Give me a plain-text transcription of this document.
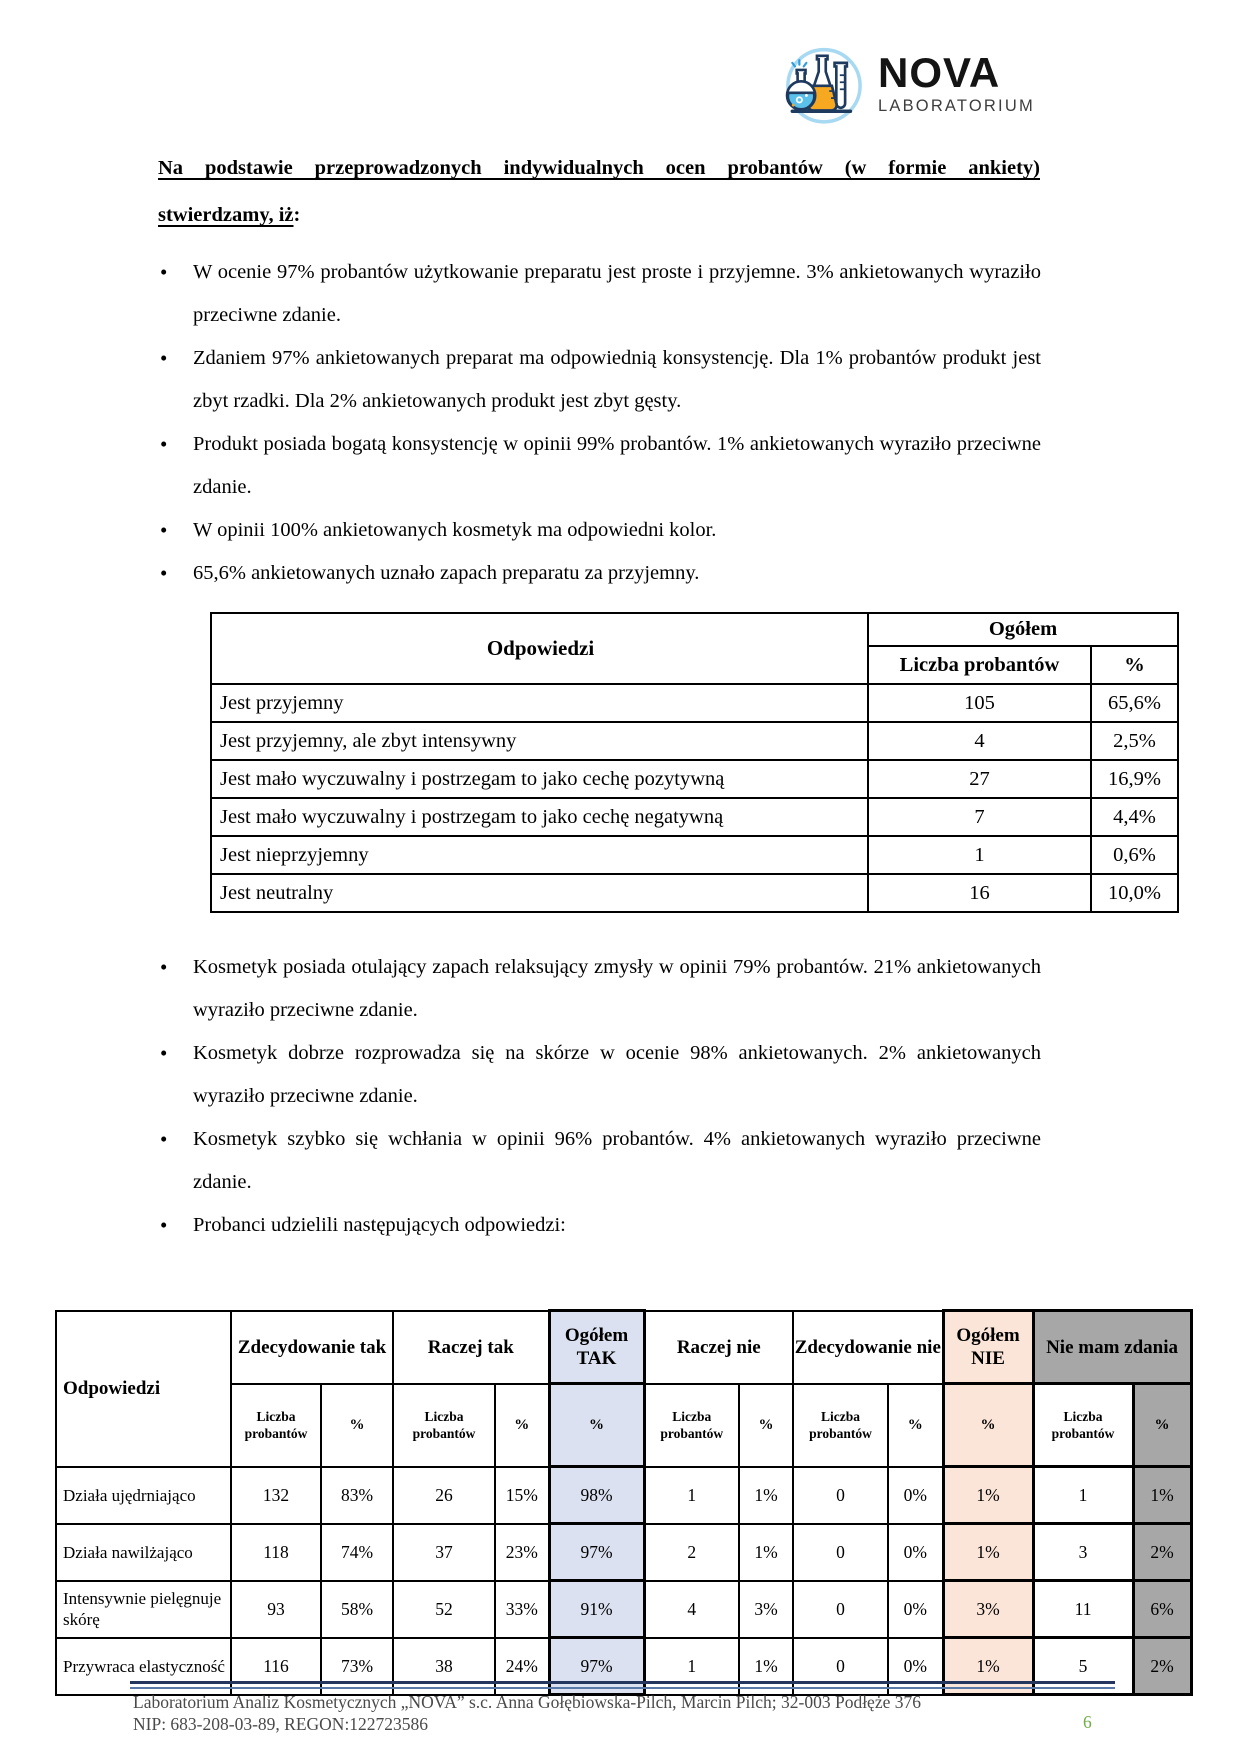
NOVA
LABORATORIUM
Na podstawie przeprowadzonych indywidualnych ocen probantów (w formie ankiety)
stwierdzamy, iż:
•	W ocenie 97% probantów użytkowanie preparatu jest proste i przyjemne. 3% ankietowanych wyraziło przeciwne zdanie.
•	Zdaniem 97% ankietowanych preparat ma odpowiednią konsystencję. Dla 1% probantów produkt jest zbyt rzadki. Dla 2% ankietowanych produkt jest zbyt gęsty.
•	Produkt posiada bogatą konsystencję w opinii 99% probantów. 1% ankietowanych wyraziło przeciwne zdanie.
•	W opinii 100% ankietowanych kosmetyk ma odpowiedni kolor.
•	65,6% ankietowanych uznało zapach preparatu za przyjemny.
Odpowiedzi	Ogółem	
	Liczba probantów	%
Jest przyjemny	105	65,6%
Jest przyjemny, ale zbyt intensywny	4	2,5%
Jest mało wyczuwalny i postrzegam to jako cechę pozytywną	27	16,9%
Jest mało wyczuwalny i postrzegam to jako cechę negatywną	7	4,4%
Jest nieprzyjemny	1	0,6%
Jest neutralny	16	10,0%
•	Kosmetyk posiada otulający zapach relaksujący zmysły w opinii 79% probantów. 21% ankietowanych wyraziło przeciwne zdanie.
•	Kosmetyk dobrze rozprowadza się na skórze w ocenie 98% ankietowanych. 2% ankietowanych wyraziło przeciwne zdanie.
•	Kosmetyk szybko się wchłania w opinii 96% probantów. 4% ankietowanych wyraziło przeciwne zdanie.
•	Probanci udzielili następujących odpowiedzi:
Odpowiedzi	Zdecydowanie tak		Raczej tak		Ogółem TAK	Raczej nie		Zdecydowanie nie		Ogółem NIE	Nie mam zdania	
	Liczba probantów	%	Liczba probantów	%	%	Liczba probantów	%	Liczba probantów	%	%	Liczba probantów	%
Działa ujędrniająco	132	83%	26	15%	98%	1	1%	0	0%	1%	1	1%
Działa nawilżająco	118	74%	37	23%	97%	2	1%	0	0%	1%	3	2%
Intensywnie pielęgnuje skórę	93	58%	52	33%	91%	4	3%	0	0%	3%	11	6%
Przywraca elastyczność	116	73%	38	24%	97%	1	1%	0	0%	1%	5	2%
Laboratorium Analiz Kosmetycznych „NOVA” s.c. Anna Gołębiowska-Pilch, Marcin Pilch; 32-003 Podłęże 376
NIP: 683-208-03-89, REGON:122723586	6
